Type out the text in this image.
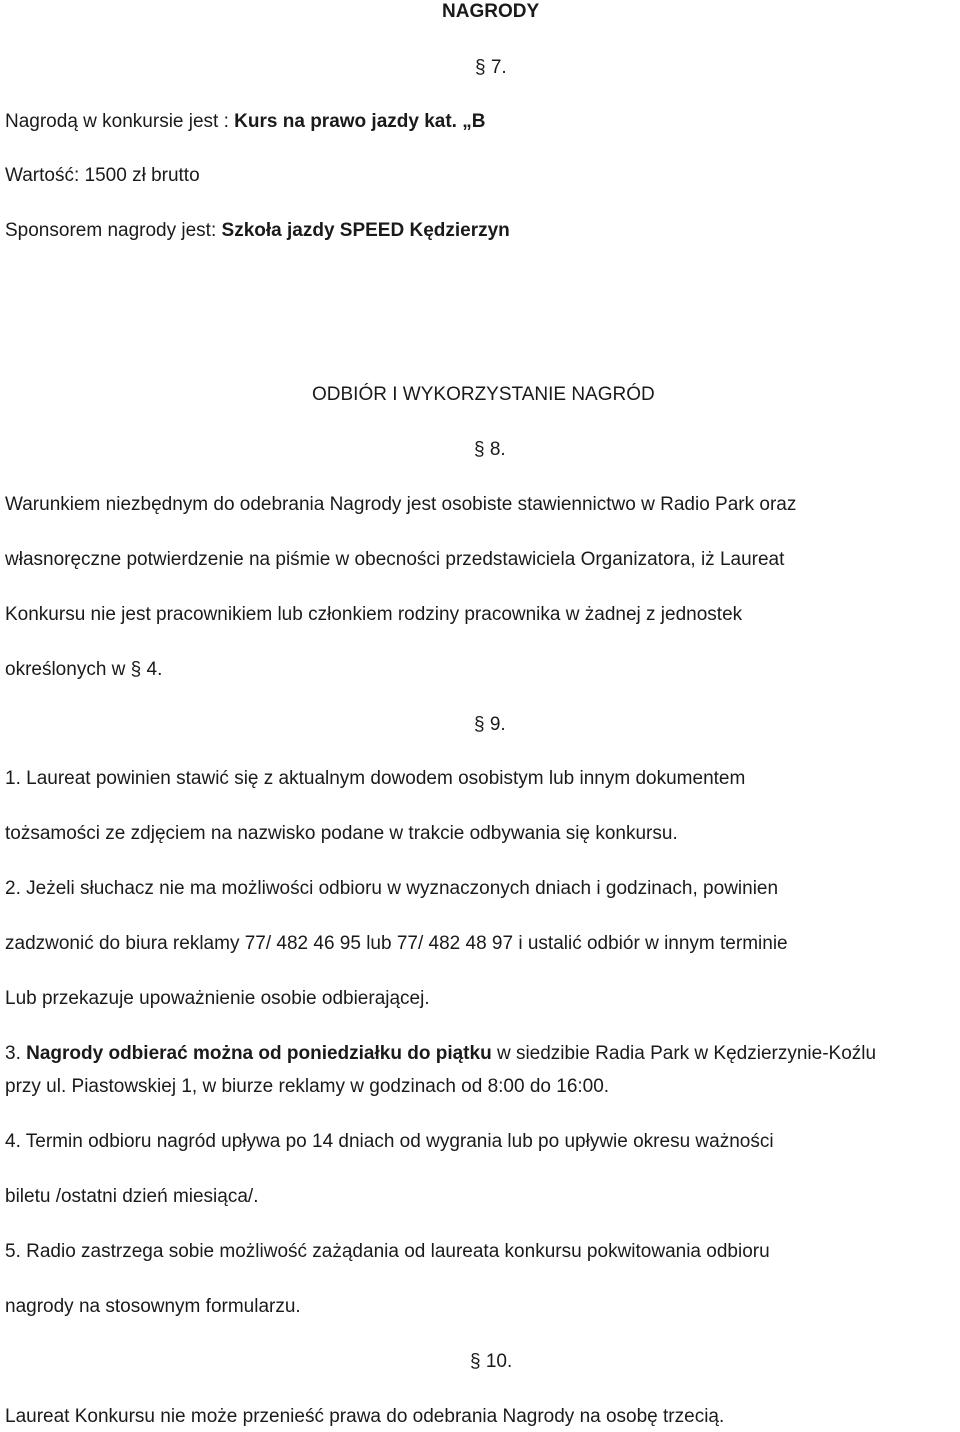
NAGRODY
§ 7.
Nagrodą w konkursie jest : Kurs na prawo jazdy kat. „B
Wartość: 1500 zł brutto
Sponsorem nagrody jest: Szkoła jazdy SPEED Kędzierzyn
ODBIÓR I WYKORZYSTANIE NAGRÓD
§ 8.
Warunkiem niezbędnym do odebrania Nagrody jest osobiste stawiennictwo w Radio Park oraz
własnoręczne potwierdzenie na piśmie w obecności przedstawiciela Organizatora, iż Laureat
Konkursu nie jest pracownikiem lub członkiem rodziny pracownika w żadnej z jednostek
określonych w § 4.
§ 9.
1. Laureat powinien stawić się z aktualnym dowodem osobistym lub innym dokumentem
tożsamości ze zdjęciem na nazwisko podane w trakcie odbywania się konkursu.
2. Jeżeli słuchacz nie ma możliwości odbioru w wyznaczonych dniach i godzinach, powinien
zadzwonić do biura reklamy 77/ 482 46 95 lub 77/ 482 48 97 i ustalić odbiór w innym terminie
Lub przekazuje upoważnienie osobie odbierającej.
3. Nagrody odbierać można od poniedziałku do piątku w siedzibie Radia Park w Kędzierzynie-Koźlu
przy ul. Piastowskiej 1, w biurze reklamy w godzinach od 8:00 do 16:00.
4. Termin odbioru nagród upływa po 14 dniach od wygrania lub po upływie okresu ważności
biletu /ostatni dzień miesiąca/.
5. Radio zastrzega sobie możliwość zażądania od laureata konkursu pokwitowania odbioru
nagrody na stosownym formularzu.
§ 10.
Laureat Konkursu nie może przenieść prawa do odebrania Nagrody na osobę trzecią.
